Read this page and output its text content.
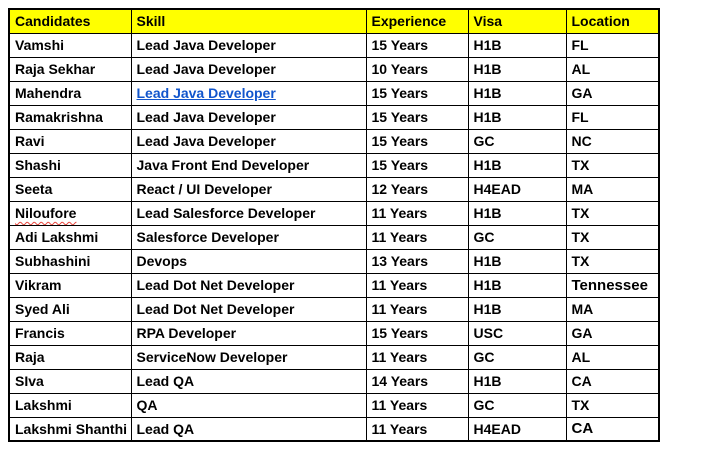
Candidates	Skill	Experience	Visa	Location
Vamshi	Lead Java Developer	15 Years	H1B	FL
Raja Sekhar	Lead Java Developer	10 Years	H1B	AL
Mahendra	Lead Java Developer	15 Years	H1B	GA
Ramakrishna	Lead Java Developer	15 Years	H1B	FL
Ravi	Lead Java Developer	15 Years	GC	NC
Shashi	Java Front End Developer	15 Years	H1B	TX
Seeta	React / UI Developer	12 Years	H4EAD	MA
Niloufore	Lead Salesforce Developer	11 Years	H1B	TX
Adi Lakshmi	Salesforce Developer	11 Years	GC	TX
Subhashini	Devops	13 Years	H1B	TX
Vikram	Lead Dot Net Developer	11 Years	H1B	Tennessee
Syed Ali	Lead Dot Net Developer	11 Years	H1B	MA
Francis	RPA Developer	15 Years	USC	GA
Raja	ServiceNow Developer	11 Years	GC	AL
SIva	Lead QA	14 Years	H1B	CA
Lakshmi	QA	11 Years	GC	TX
Lakshmi Shanthi	Lead QA	11 Years	H4EAD	CA
